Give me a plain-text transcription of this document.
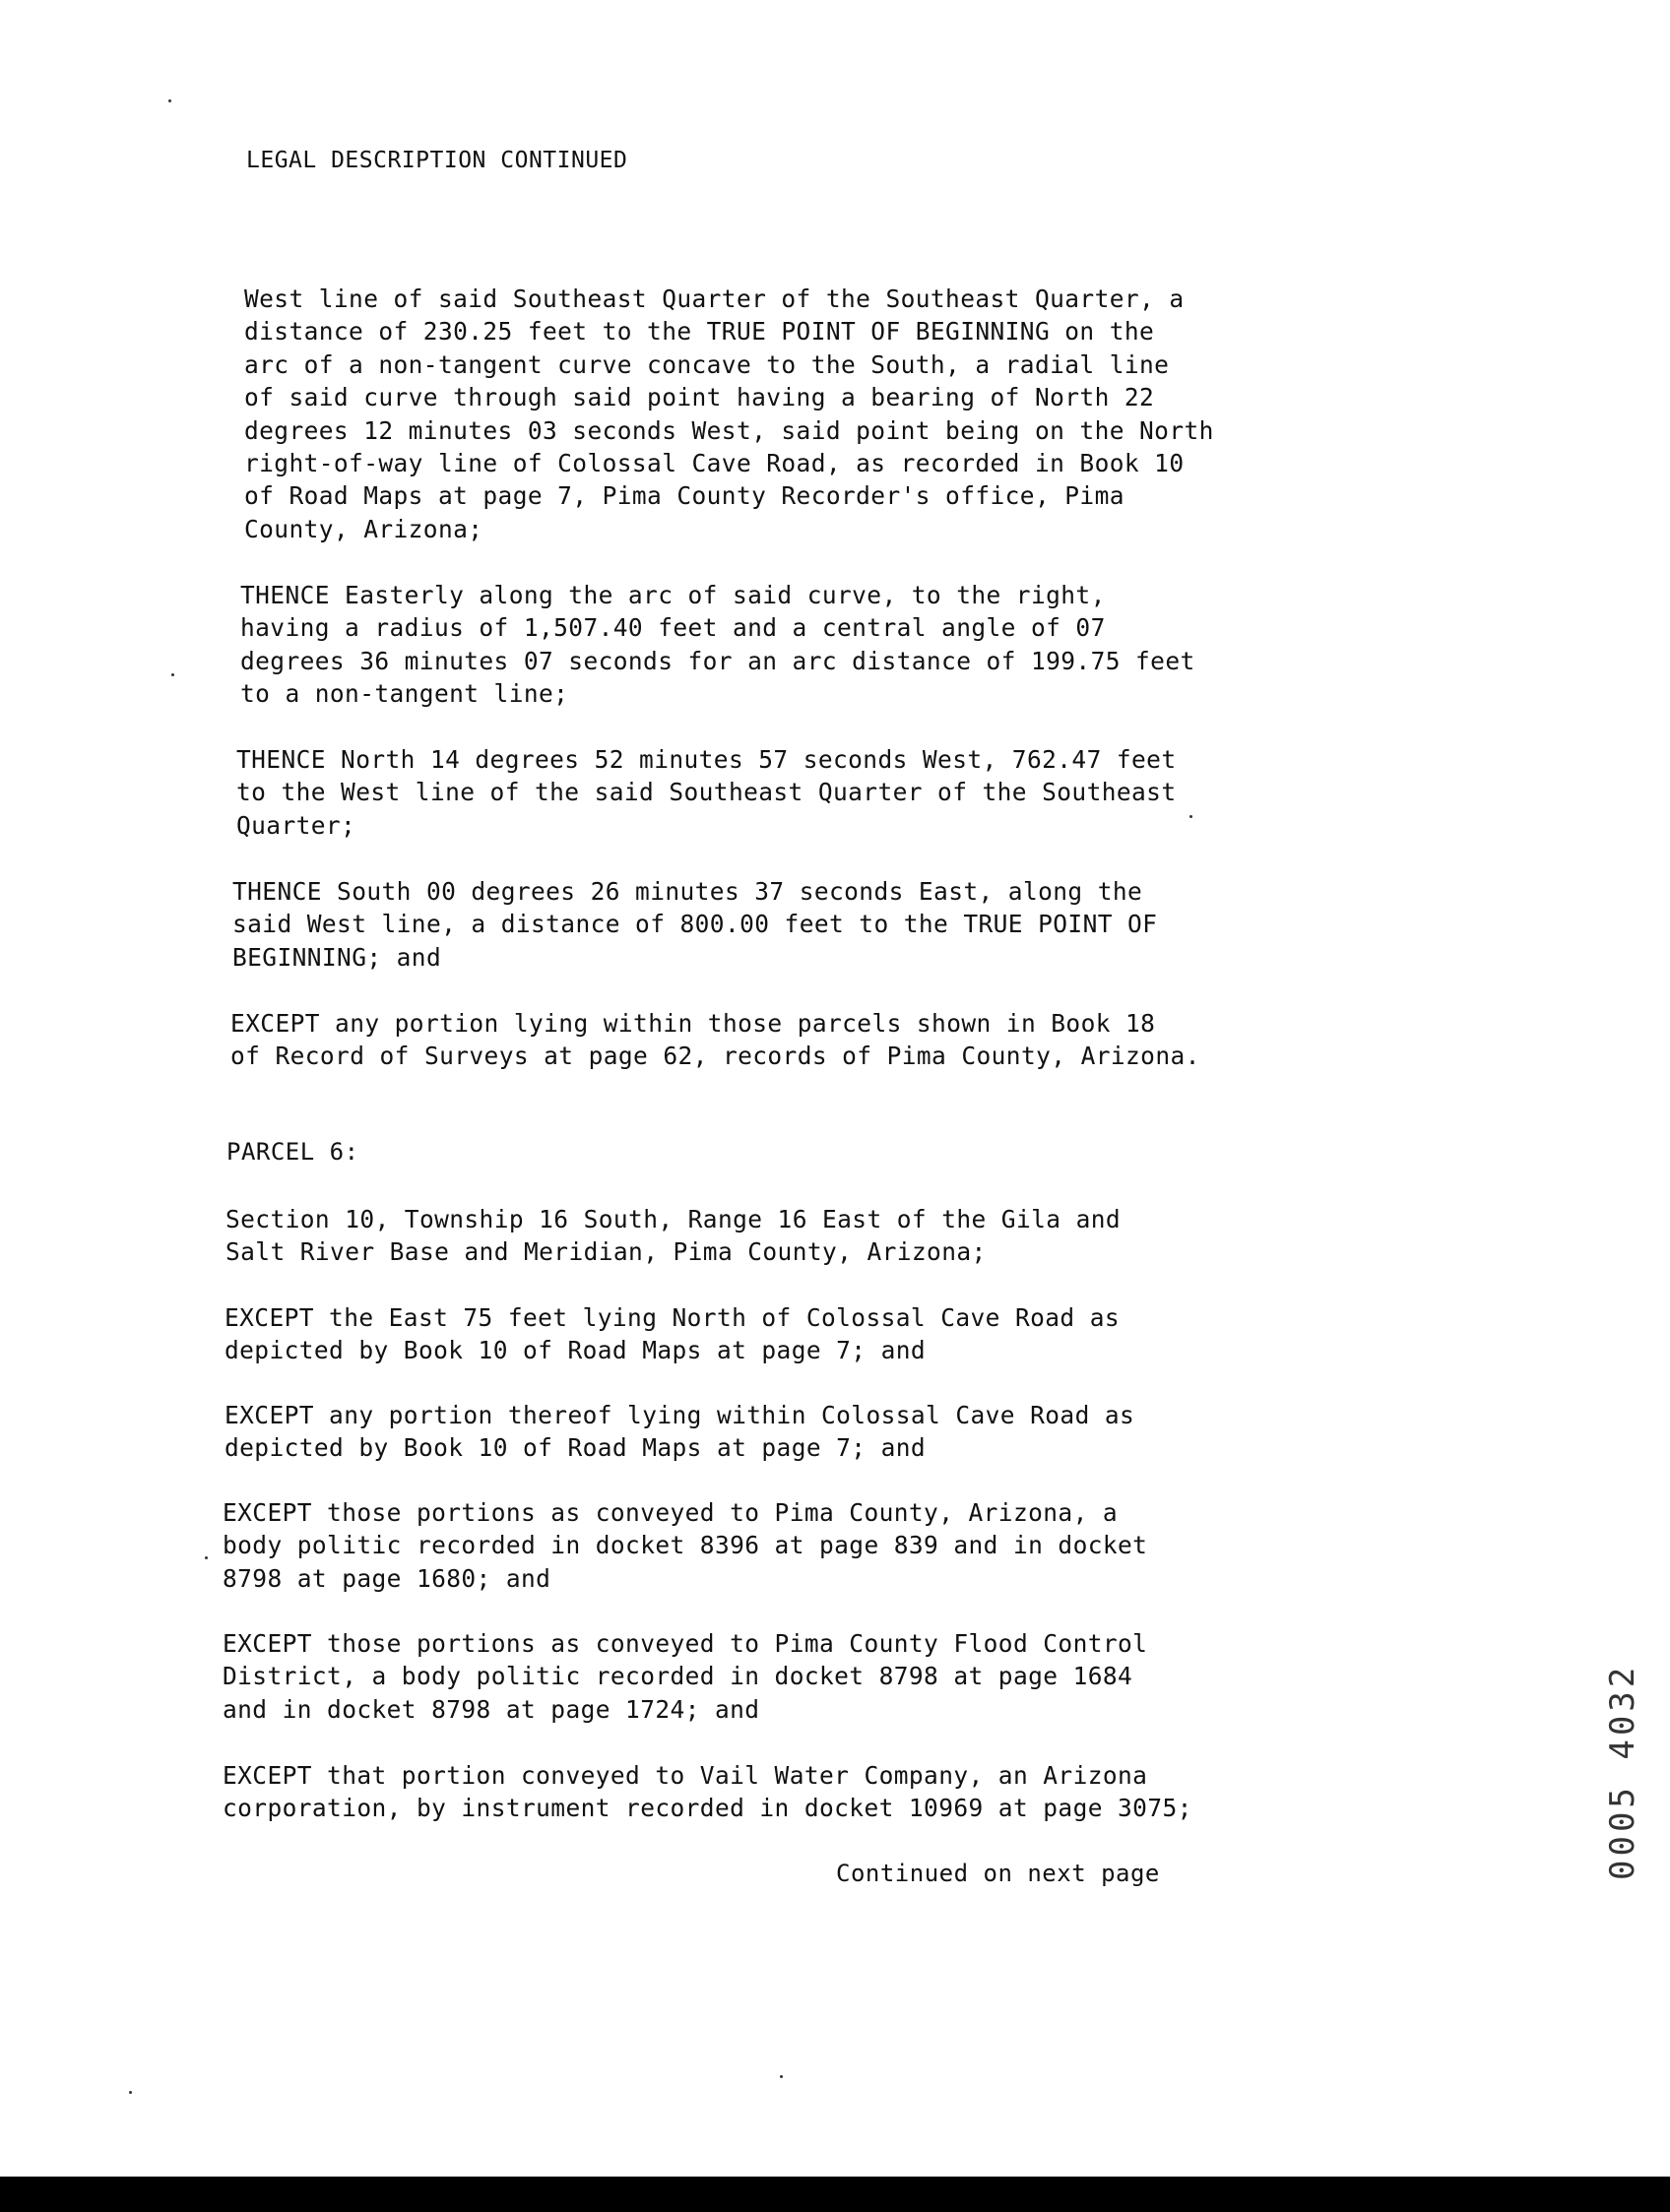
LEGAL DESCRIPTION CONTINUED

West line of said Southeast Quarter of the Southeast Quarter, a
distance of 230.25 feet to the TRUE POINT OF BEGINNING on the
arc of a non-tangent curve concave to the South, a radial line
of said curve through said point having a bearing of North 22
degrees 12 minutes 03 seconds West, said point being on the North
right-of-way line of Colossal Cave Road, as recorded in Book 10
of Road Maps at page 7, Pima County Recorder's office, Pima
County, Arizona;

THENCE Easterly along the arc of said curve, to the right,
having a radius of 1,507.40 feet and a central angle of 07
degrees 36 minutes 07 seconds for an arc distance of 199.75 feet
to a non-tangent line;

THENCE North 14 degrees 52 minutes 57 seconds West, 762.47 feet
to the West line of the said Southeast Quarter of the Southeast
Quarter;

THENCE South 00 degrees 26 minutes 37 seconds East, along the
said West line, a distance of 800.00 feet to the TRUE POINT OF
BEGINNING; and

EXCEPT any portion lying within those parcels shown in Book 18
of Record of Surveys at page 62, records of Pima County, Arizona.

PARCEL 6:

Section 10, Township 16 South, Range 16 East of the Gila and
Salt River Base and Meridian, Pima County, Arizona;

EXCEPT the East 75 feet lying North of Colossal Cave Road as
depicted by Book 10 of Road Maps at page 7; and

EXCEPT any portion thereof lying within Colossal Cave Road as
depicted by Book 10 of Road Maps at page 7; and

EXCEPT those portions as conveyed to Pima County, Arizona, a
body politic recorded in docket 8396 at page 839 and in docket
8798 at page 1680; and

EXCEPT those portions as conveyed to Pima County Flood Control
District, a body politic recorded in docket 8798 at page 1684
and in docket 8798 at page 1724; and

EXCEPT that portion conveyed to Vail Water Company, an Arizona
corporation, by instrument recorded in docket 10969 at page 3075;

Continued on next page	0005 4032
